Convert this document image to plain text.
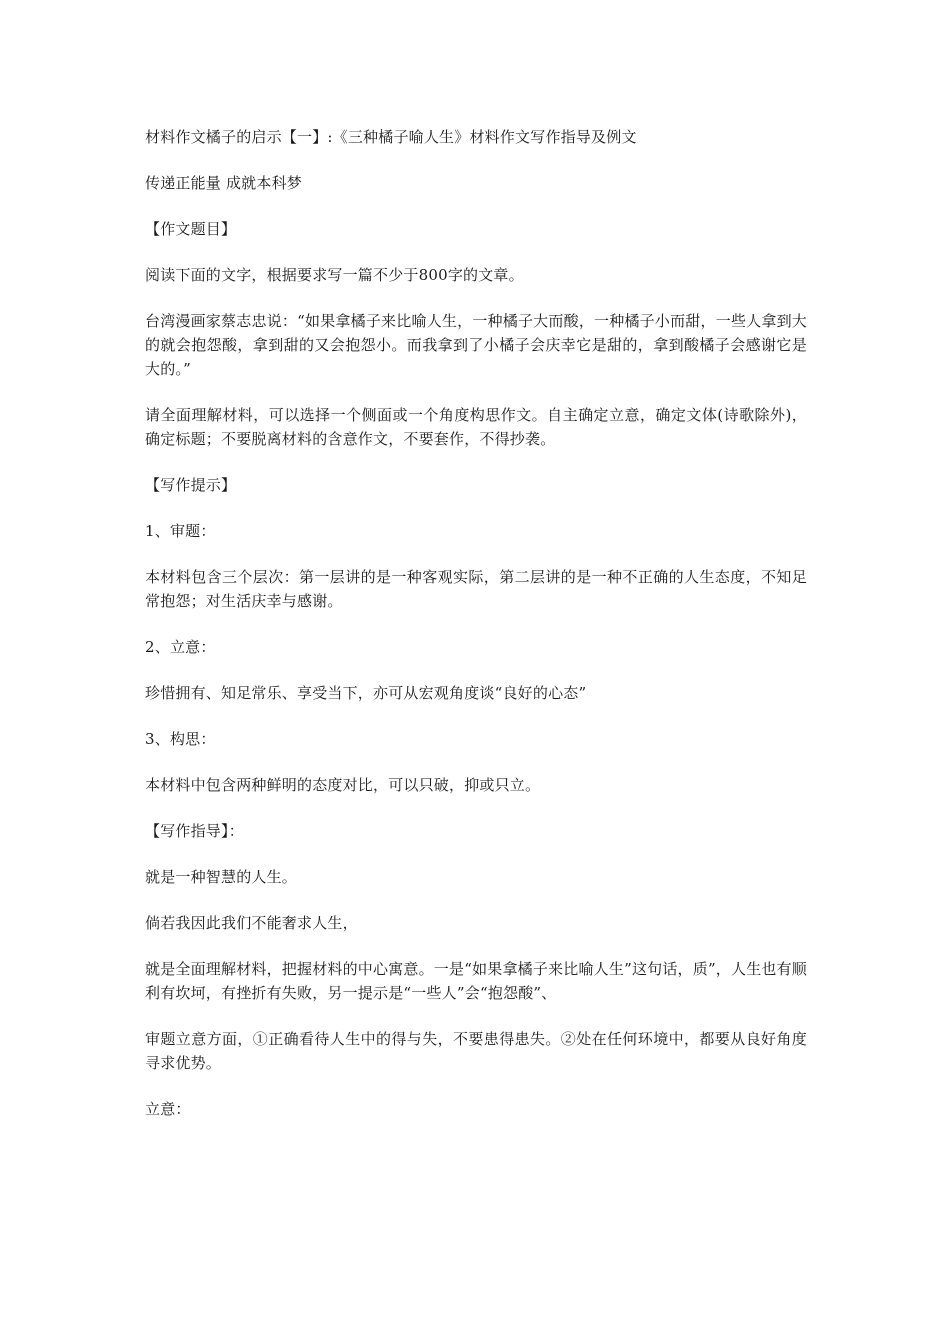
材料作文橘子的启示【一】:《三种橘子喻人生》材料作文写作指导及例文

传递正能量 成就本科梦

【作文题目】

阅读下面的文字，根据要求写一篇不少于800字的文章。

台湾漫画家蔡志忠说：“如果拿橘子来比喻人生，一种橘子大而酸，一种橘子小而甜，一些人拿到大的就会抱怨酸，拿到甜的又会抱怨小。而我拿到了小橘子会庆幸它是甜的，拿到酸橘子会感谢它是大的。”

请全面理解材料，可以选择一个侧面或一个角度构思作文。自主确定立意，确定文体(诗歌除外)，确定标题；不要脱离材料的含意作文，不要套作，不得抄袭。

【写作提示】

1、审题：

本材料包含三个层次：第一层讲的是一种客观实际，第二层讲的是一种不正确的人生态度，不知足常抱怨；对生活庆幸与感谢。

2、立意：

珍惜拥有、知足常乐、享受当下，亦可从宏观角度谈“良好的心态”

3、构思：

本材料中包含两种鲜明的态度对比，可以只破，抑或只立。

【写作指导】：

就是一种智慧的人生。

倘若我因此我们不能奢求人生，

就是全面理解材料，把握材料的中心寓意。一是“如果拿橘子来比喻人生”这句话，质”，人生也有顺利有坎坷，有挫折有失败，另一提示是“一些人”会“抱怨酸”、

审题立意方面，①正确看待人生中的得与失，不要患得患失。②处在任何环境中，都要从良好角度寻求优势。

立意：
